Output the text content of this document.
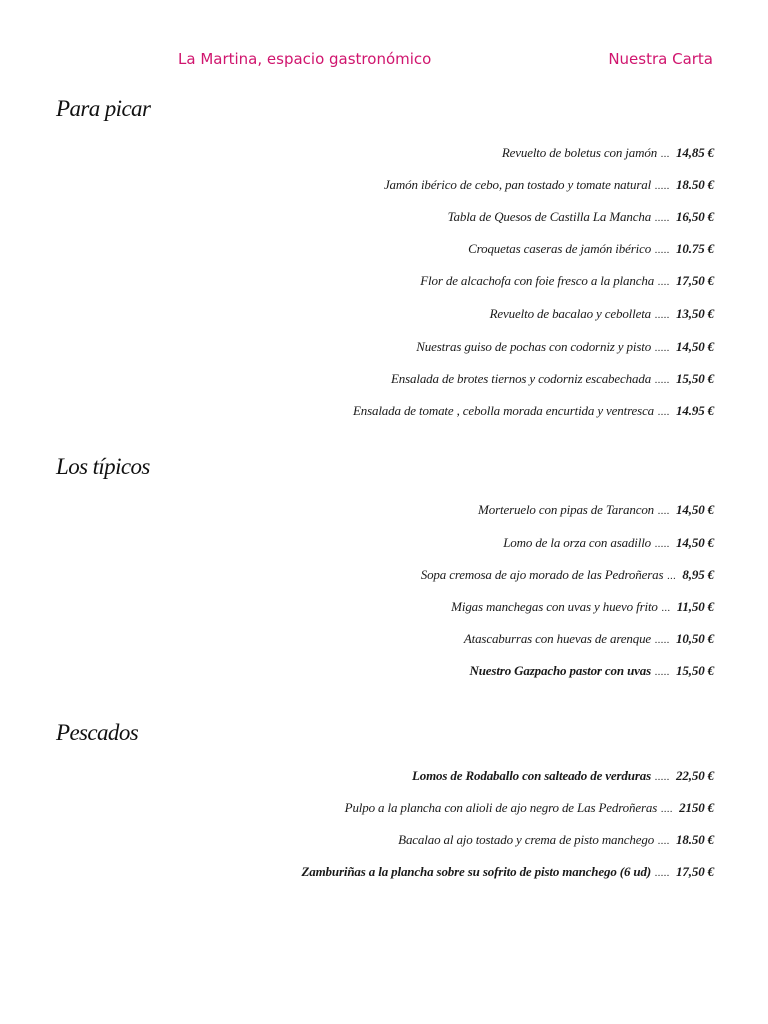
La Martina, espacio gastronómico	Nuestra Carta
Para picar
Revuelto de boletus con jamón ... 14,85 €
Jamón ibérico de cebo, pan tostado y tomate natural ..... 18.50 €
Tabla de Quesos de Castilla La Mancha ..... 16,50 €
Croquetas caseras de jamón ibérico ..... 10.75 €
Flor de alcachofa con foie fresco a la plancha .... 17,50 €
Revuelto de bacalao y cebolleta ..... 13,50 €
Nuestras guiso de pochas con codorniz y pisto ..... 14,50 €
Ensalada de brotes tiernos y codorniz escabechada ..... 15,50 €
Ensalada de tomate , cebolla morada encurtida y ventresca .... 14.95 €
Los típicos
Morteruelo con pipas de Tarancon .... 14,50 €
Lomo de la orza con asadillo ..... 14,50 €
Sopa cremosa de ajo morado de las Pedroñeras ... 8,95 €
Migas manchegas con uvas y huevo frito ... 11,50 €
Atascaburras con huevas de arenque ..... 10,50 €
Nuestro Gazpacho pastor con uvas ..... 15,50 €
Pescados
Lomos de Rodaballo con salteado de verduras ..... 22,50 €
Pulpo a la plancha con alioli de ajo negro de Las Pedroñeras .... 2150 €
Bacalao al ajo tostado y crema de pisto manchego .... 18.50 €
Zamburiñas a la plancha sobre su sofrito de pisto manchego (6 ud) ..... 17,50 €
